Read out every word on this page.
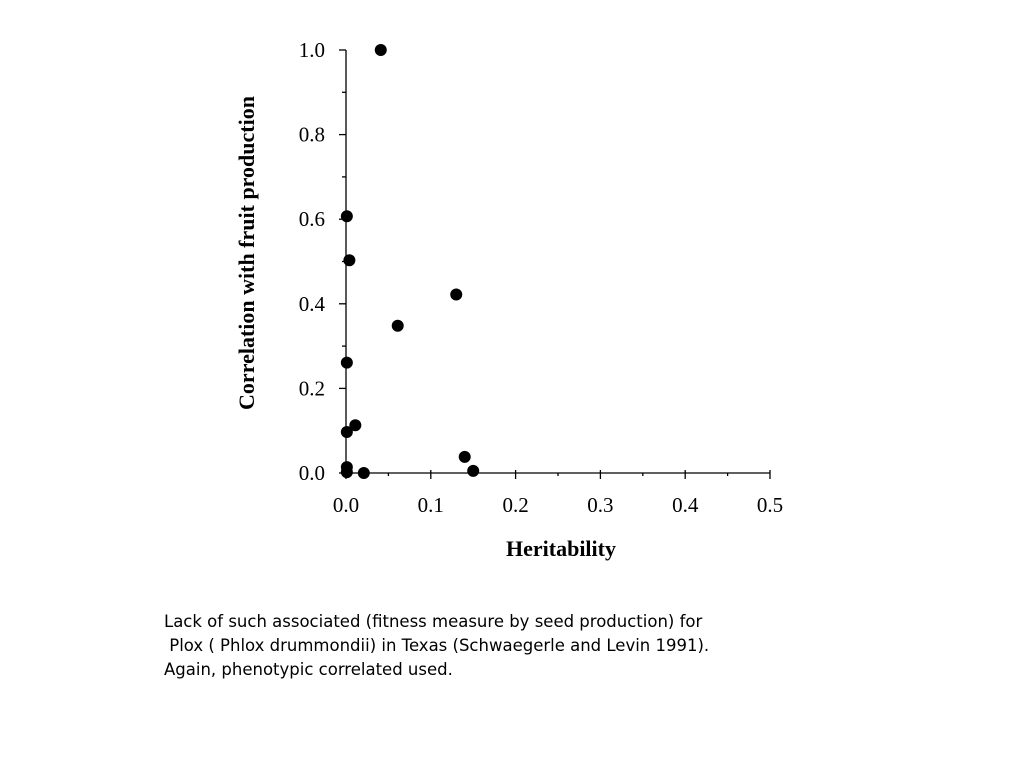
0.0
0.2
0.4
0.6
0.8
1.0
0.0	0.1	0.2	0.3	0.4	0.5
Heritability
Correlation with fruit production
Lack of such associated (fitness measure by seed production) for
Plox ( Phlox drummondii) in Texas (Schwaegerle and Levin 1991).
Again, phenotypic correlated used.
